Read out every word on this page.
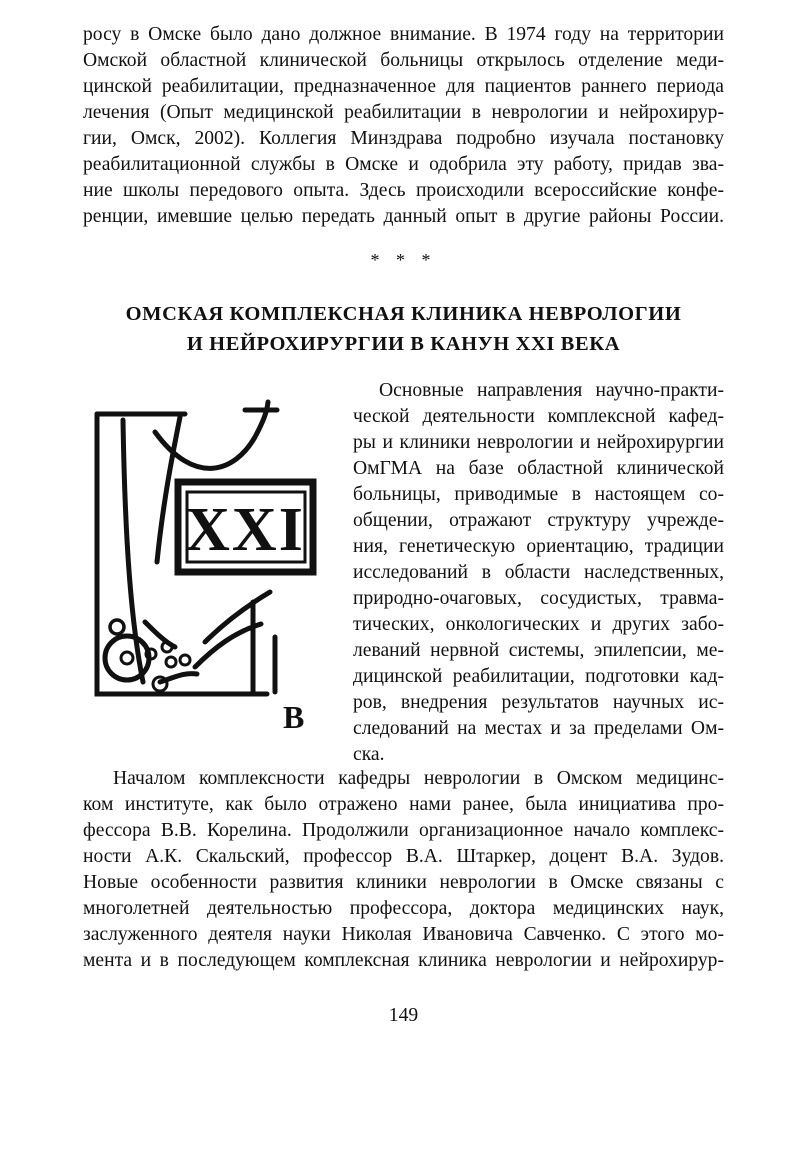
росу в Омске было дано должное внимание. В 1974 году на территории
Омской областной клинической больницы открылось отделение меди-
цинской реабилитации, предназначенное для пациентов раннего периода
лечения (Опыт медицинской реабилитации в неврологии и нейрохирур-
гии, Омск, 2002). Коллегия Минздрава подробно изучала постановку
реабилитационной службы в Омске и одобрила эту работу, придав зва-
ние школы передового опыта. Здесь происходили всероссийские конфе-
ренции, имевшие целью передать данный опыт в другие районы России.
* * *
ОМСКАЯ КОМПЛЕКСНАЯ КЛИНИКА НЕВРОЛОГИИ
И НЕЙРОХИРУРГИИ В КАНУН XXI ВЕКА
XXI
В
Основные направления научно-практи-
ческой деятельности комплексной кафед-
ры и клиники неврологии и нейрохирургии
ОмГМА на базе областной клинической
больницы, приводимые в настоящем со-
общении, отражают структуру учрежде-
ния, генетическую ориентацию, традиции
исследований в области наследственных,
природно-очаговых, сосудистых, травма-
тических, онкологических и других забо-
леваний нервной системы, эпилепсии, ме-
дицинской реабилитации, подготовки кад-
ров, внедрения результатов научных ис-
следований на местах и за пределами Ом-
ска.
Началом комплексности кафедры неврологии в Омском медицинс-
ком институте, как было отражено нами ранее, была инициатива про-
фессора В.В. Корелина. Продолжили организационное начало комплекс-
ности А.К. Скальский, профессор В.А. Штаркер, доцент В.А. Зудов.
Новые особенности развития клиники неврологии в Омске связаны с
многолетней деятельностью профессора, доктора медицинских наук,
заслуженного деятеля науки Николая Ивановича Савченко. С этого мо-
мента и в последующем комплексная клиника неврологии и нейрохирур-
149
